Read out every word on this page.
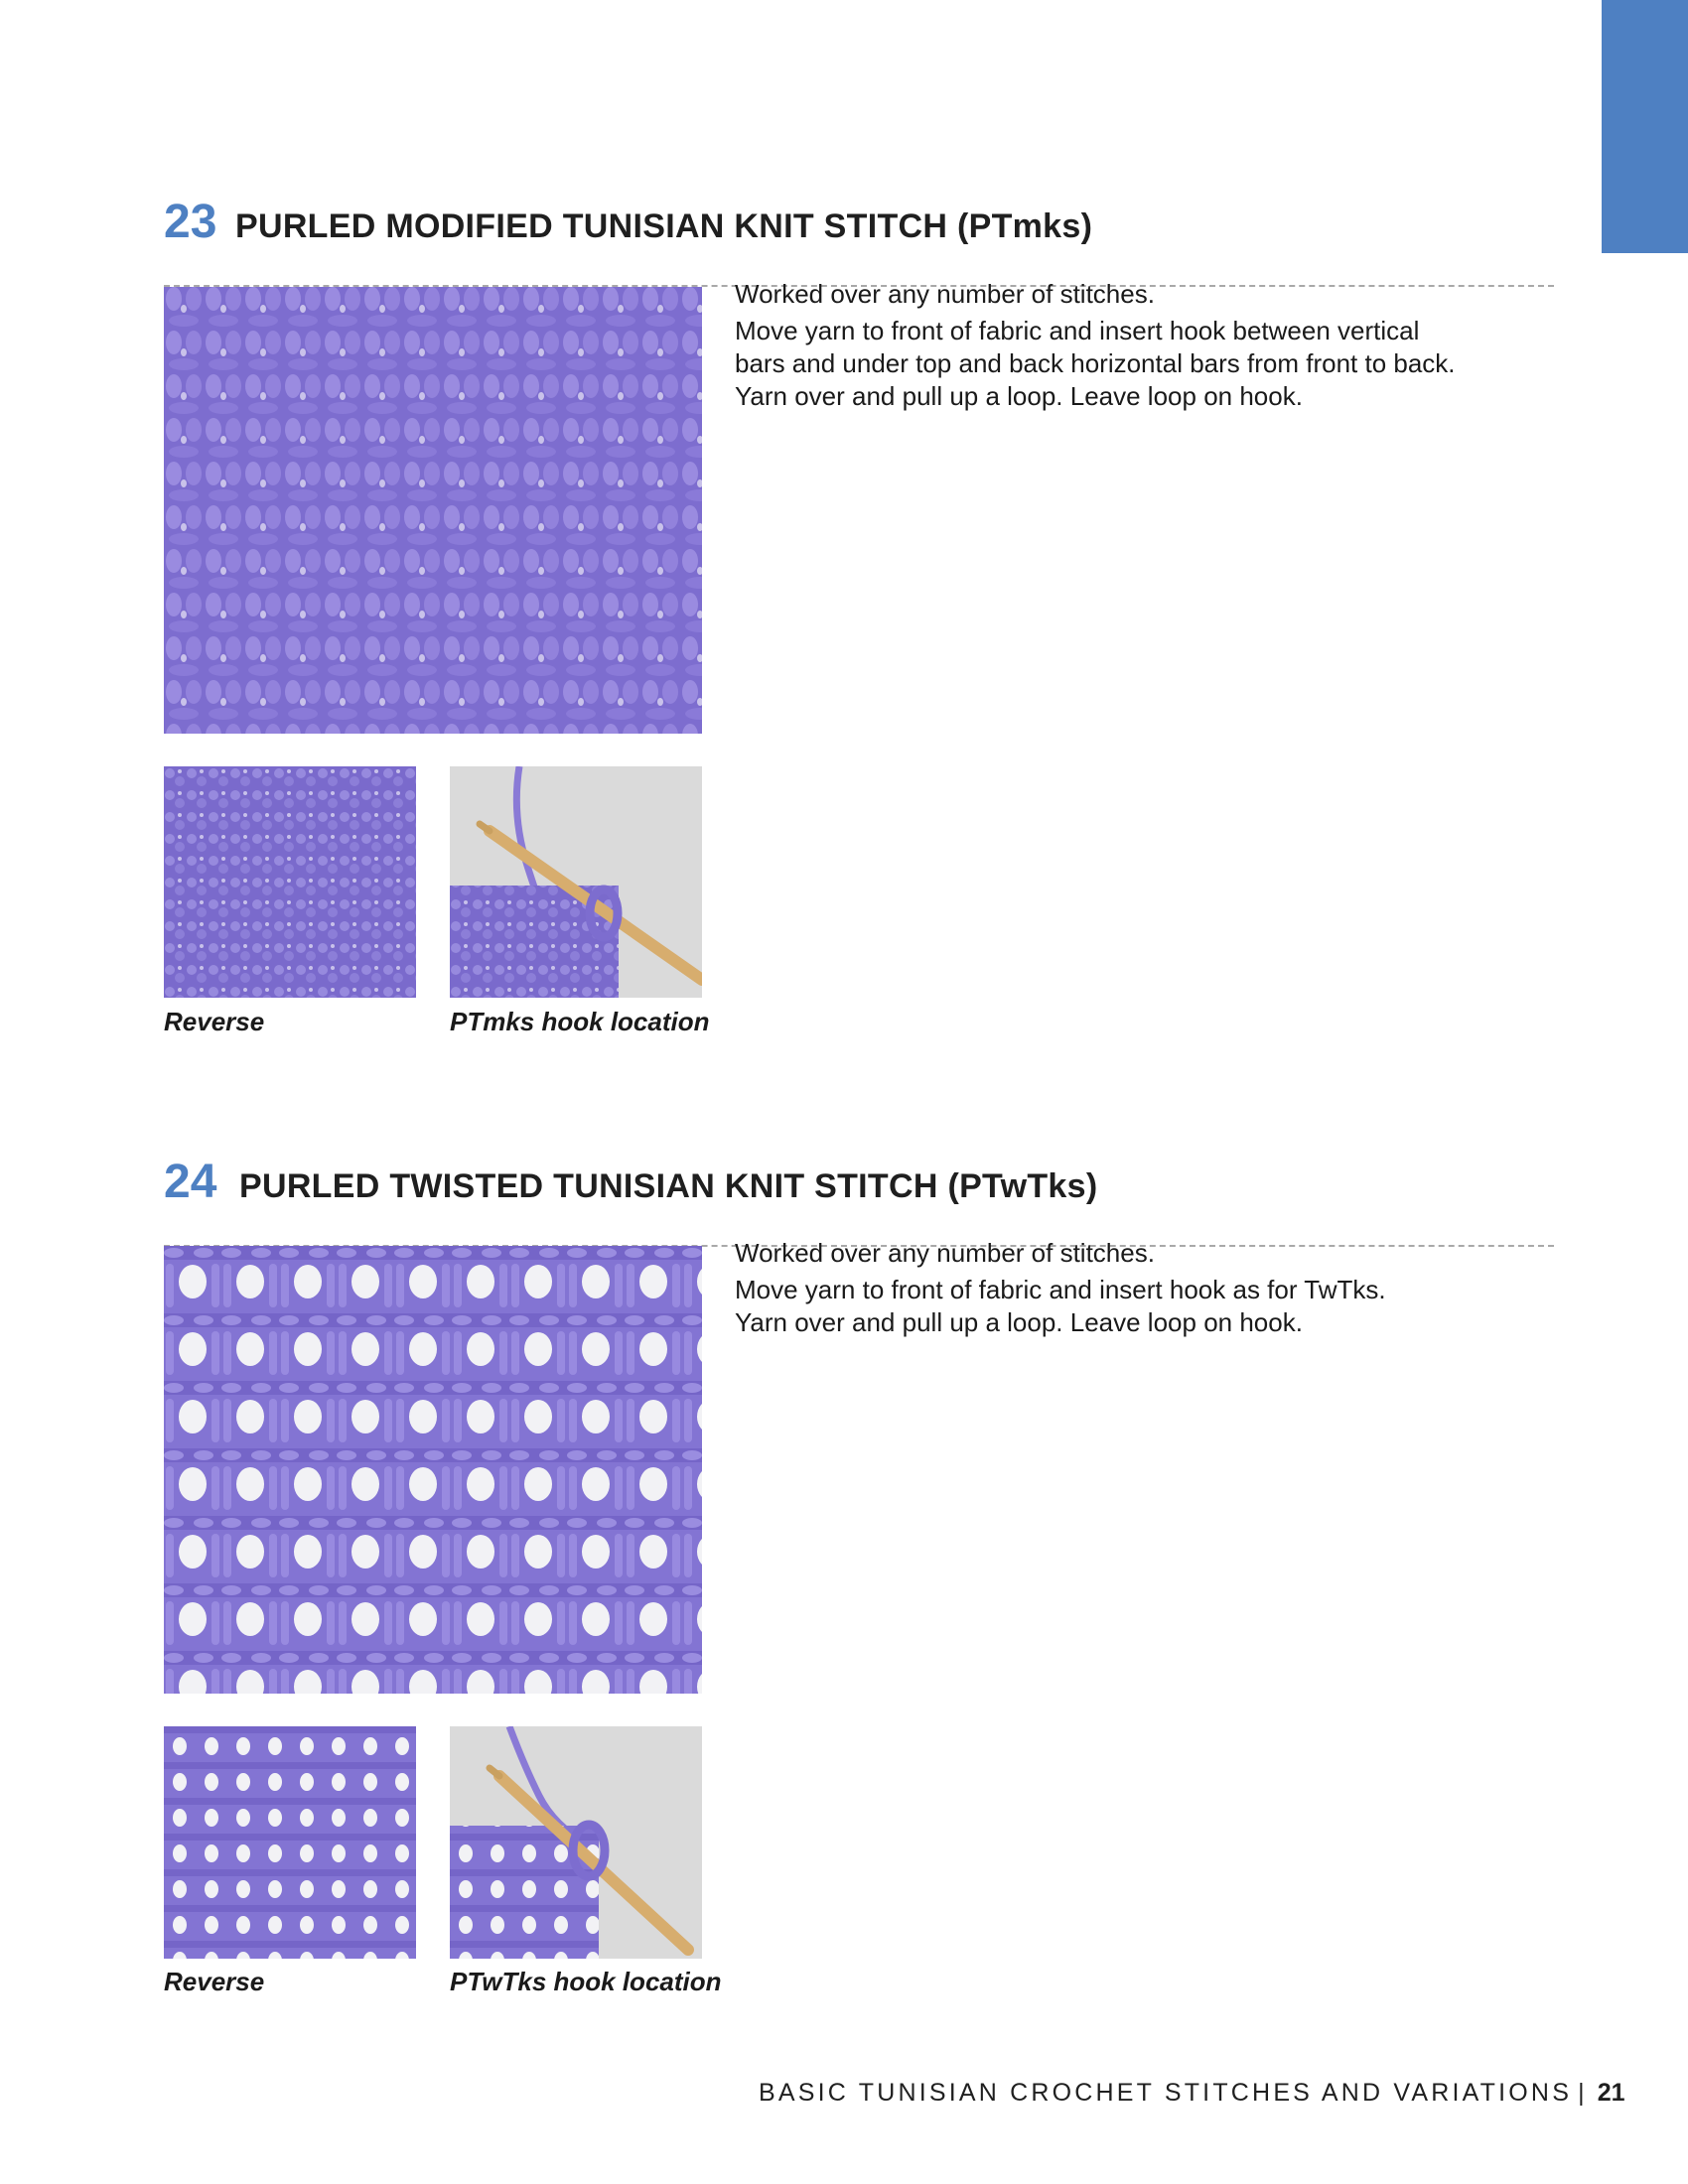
23 PURLED MODIFIED TUNISIAN KNIT STITCH (PTmks)
Reverse	PTmks hook location

Worked over any number of stitches.

Move yarn to front of fabric and insert hook between vertical bars and under top and back horizontal bars from front to back. Yarn over and pull up a loop. Leave loop on hook.

24 PURLED TWISTED TUNISIAN KNIT STITCH (PTwTks)
Reverse	PTwTks hook location

Worked over any number of stitches.

Move yarn to front of fabric and insert hook as for TwTks. Yarn over and pull up a loop. Leave loop on hook.

BASIC TUNISIAN CROCHET STITCHES AND VARIATIONS | 21
